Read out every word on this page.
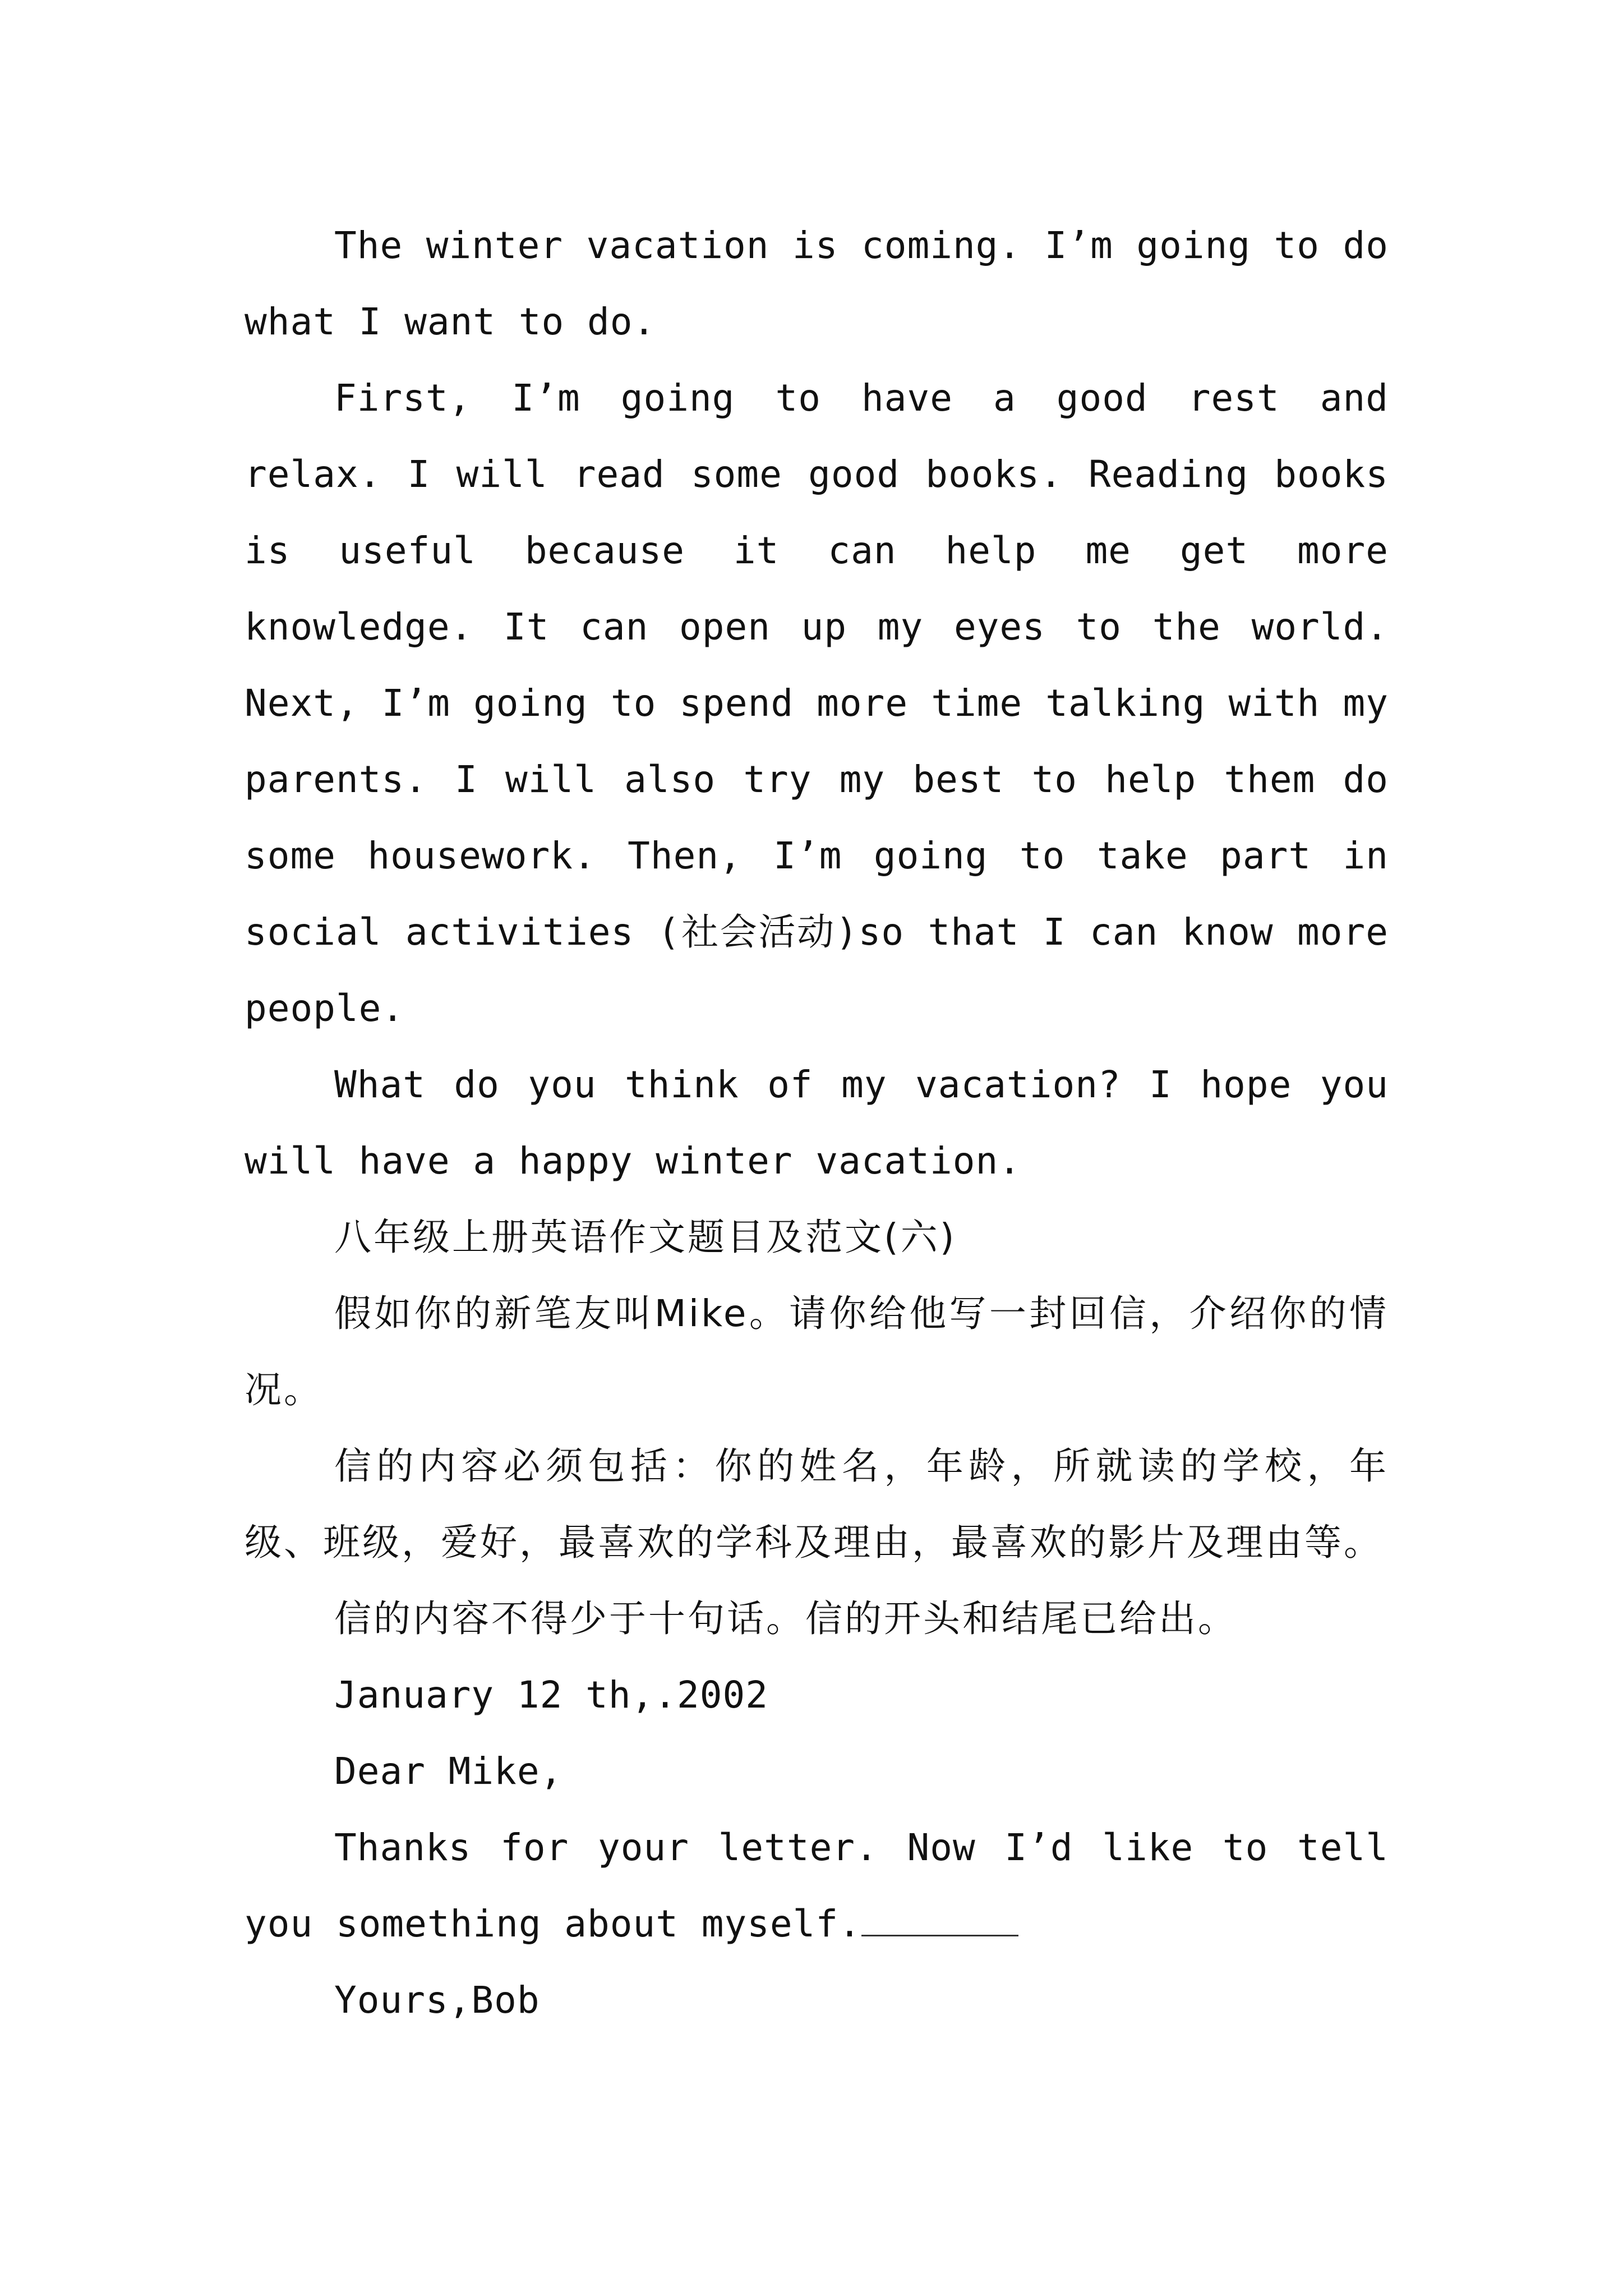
The winter vacation is coming. I’m going to do what I want to do.

First, I’m going to have a good rest and relax. I will read some good books. Reading books is useful because it can help me get more knowledge. It can open up my eyes to the world. Next, I’m going to spend more time talking with my parents. I will also try my best to help them do some housework. Then, I’m going to take part in social activities (社会活动)so that I can know more people.

What do you think of my vacation? I hope you will have a happy winter vacation.

八年级上册英语作文题目及范文(六)

假如你的新笔友叫Mike。请你给他写一封回信，介绍你的情况。

信的内容必须包括：你的姓名，年龄，所就读的学校，年级、班级，爱好，最喜欢的学科及理由，最喜欢的影片及理由等。

信的内容不得少于十句话。信的开头和结尾已给出。

January 12 th,.2002

Dear Mike,

Thanks for your letter. Now I’d like to tell you something about myself.

Yours,Bob
